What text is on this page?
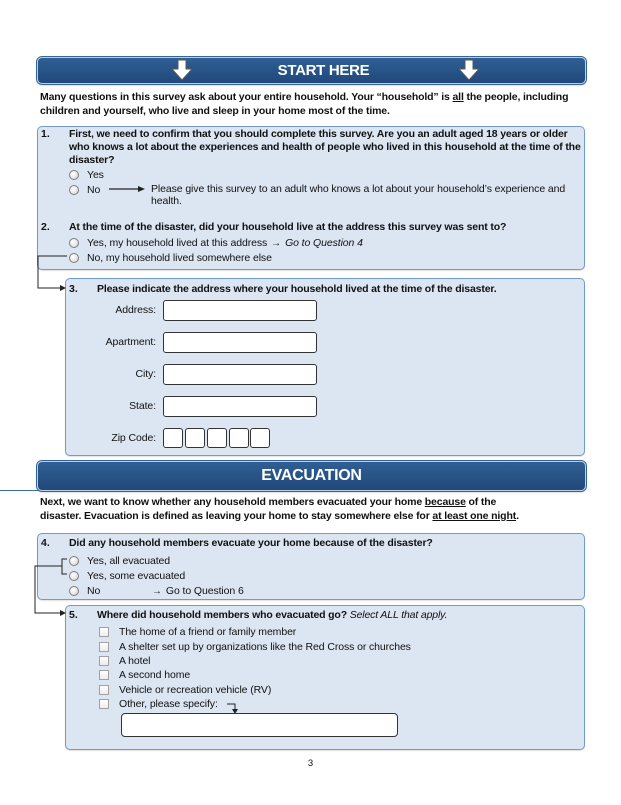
START HERE

Many questions in this survey ask about your entire household. Your “household” is all the people, including children and yourself, who live and sleep in your home most of the time.

1. First, we need to confirm that you should complete this survey. Are you an adult aged 18 years or older who knows a lot about the experiences and health of people who lived in this household at the time of the disaster?
Yes
No	Please give this survey to an adult who knows a lot about your household’s experience and health.
2. At the time of the disaster, did your household live at the address this survey was sent to?
Yes, my household lived at this address → Go to Question 4
No, my household lived somewhere else
3. Please indicate the address where your household lived at the time of the disaster.
Address:
Apartment:
City:
State:
Zip Code:
EVACUATION

Next, we want to know whether any household members evacuated your home because of the
disaster. Evacuation is defined as leaving your home to stay somewhere else for at least one night.

4. Did any household members evacuate your home because of the disaster?
Yes, all evacuated
Yes, some evacuated
No →	Go to Question 6
5. Where did household members who evacuated go? Select ALL that apply.
The home of a friend or family member
A shelter set up by organizations like the Red Cross or churches
A hotel
A second home
Vehicle or recreation vehicle (RV)
Other, please specify:
3
